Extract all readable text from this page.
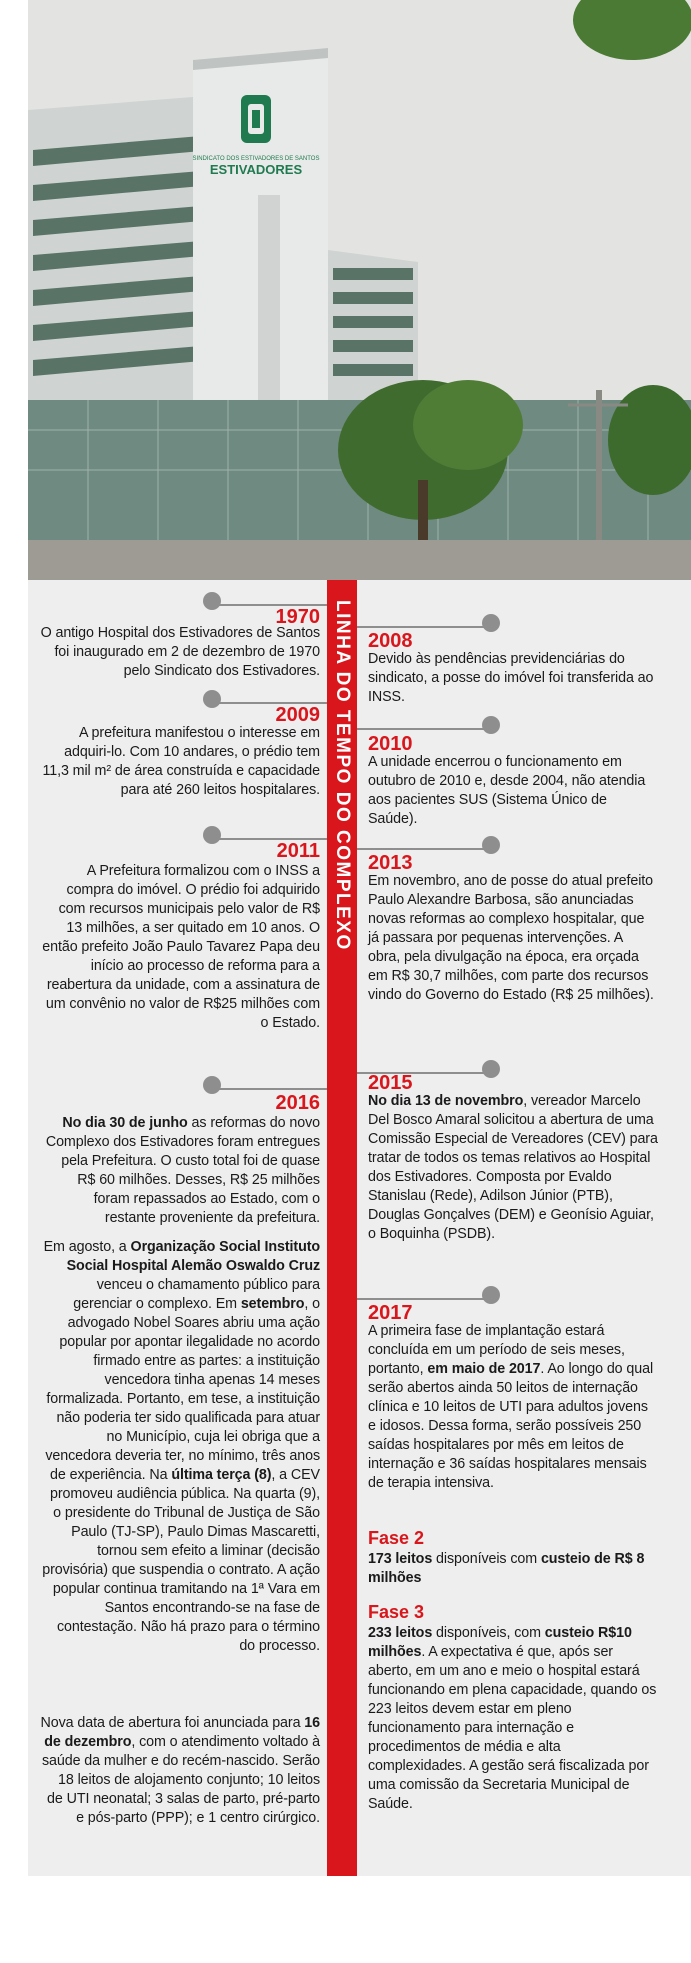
SINDICATO DOS ESTIVADORES DE SANTOS
ESTIVADORES
LINHA DO TEMPO DO COMPLEXO
1970

O antigo Hospital dos Estivadores de Santos foi inaugurado em 2 de dezembro de 1970 pelo Sindicato dos Estivadores.

2009

A prefeitura manifestou o interesse em adquiri-lo. Com 10 andares, o prédio tem 11,3 mil m² de área construída e capacidade para até 260 leitos hospitalares.

2011

A Prefeitura formalizou com o INSS a compra do imóvel. O prédio foi adquirido com recursos municipais pelo valor de R$ 13 milhões, a ser quitado em 10 anos. O então prefeito João Paulo Tavarez Papa deu início ao processo de reforma para a reabertura da unidade, com a assinatura de um convênio no valor de R$25 milhões com o Estado.

2016

No dia 30 de junho as reformas do novo Complexo dos Estivadores foram entregues pela Prefeitura. O custo total foi de quase R$ 60 milhões. Desses, R$ 25 milhões foram repassados ao Estado, com o restante proveniente da prefeitura.

Em agosto, a Organização Social Instituto Social Hospital Alemão Oswaldo Cruz venceu o chamamento público para gerenciar o complexo. Em setembro, o advogado Nobel Soares abriu uma ação popular por apontar ilegalidade no acordo firmado entre as partes: a instituição vencedora tinha apenas 14 meses formalizada. Portanto, em tese, a instituição não poderia ter sido qualificada para atuar no Município, cuja lei obriga que a vencedora deveria ter, no mínimo, três anos de experiência. Na última terça (8), a CEV promoveu audiência pública. Na quarta (9), o presidente do Tribunal de Justiça de São Paulo (TJ-SP), Paulo Dimas Mascaretti, tornou sem efeito a liminar (decisão provisória) que suspendia o contrato. A ação popular continua tramitando na 1ª Vara em Santos encontrando-se na fase de contestação. Não há prazo para o término do processo.

Nova data de abertura foi anunciada para 16 de dezembro, com o atendimento voltado à saúde da mulher e do recém-nascido. Serão 18 leitos de alojamento conjunto; 10 leitos de UTI neonatal; 3 salas de parto, pré-parto e pós-parto (PPP); e 1 centro cirúrgico.

2008

Devido às pendências previdenciárias do sindicato, a posse do imóvel foi transferida ao INSS.

2010

A unidade encerrou o funcionamento em outubro de 2010 e, desde 2004, não atendia aos pacientes SUS (Sistema Único de Saúde).

2013

Em novembro, ano de posse do atual prefeito Paulo Alexandre Barbosa, são anunciadas novas reformas ao complexo hospitalar, que já passara por pequenas intervenções. A obra, pela divulgação na época, era orçada em R$ 30,7 milhões, com parte dos recursos vindo do Governo do Estado (R$ 25 milhões).

2015

No dia 13 de novembro, vereador Marcelo Del Bosco Amaral solicitou a abertura de uma Comissão Especial de Vereadores (CEV) para tratar de todos os temas relativos ao Hospital dos Estivadores. Composta por Evaldo Stanislau (Rede), Adilson Júnior (PTB), Douglas Gonçalves (DEM) e Geonísio Aguiar, o Boquinha (PSDB).

2017

A primeira fase de implantação estará concluída em um período de seis meses, portanto, em maio de 2017. Ao longo do qual serão abertos ainda 50 leitos de internação clínica e 10 leitos de UTI para adultos jovens e idosos. Dessa forma, serão possíveis 250 saídas hospitalares por mês em leitos de internação e 36 saídas hospitalares mensais de terapia intensiva.

Fase 2

173 leitos disponíveis com custeio de R$ 8 milhões

Fase 3

233 leitos disponíveis, com custeio R$10 milhões. A expectativa é que, após ser aberto, em um ano e meio o hospital estará funcionando em plena capacidade, quando os 223 leitos devem estar em pleno funcionamento para internação e procedimentos de média e alta complexidades. A gestão será fiscalizada por uma comissão da Secretaria Municipal de Saúde.
